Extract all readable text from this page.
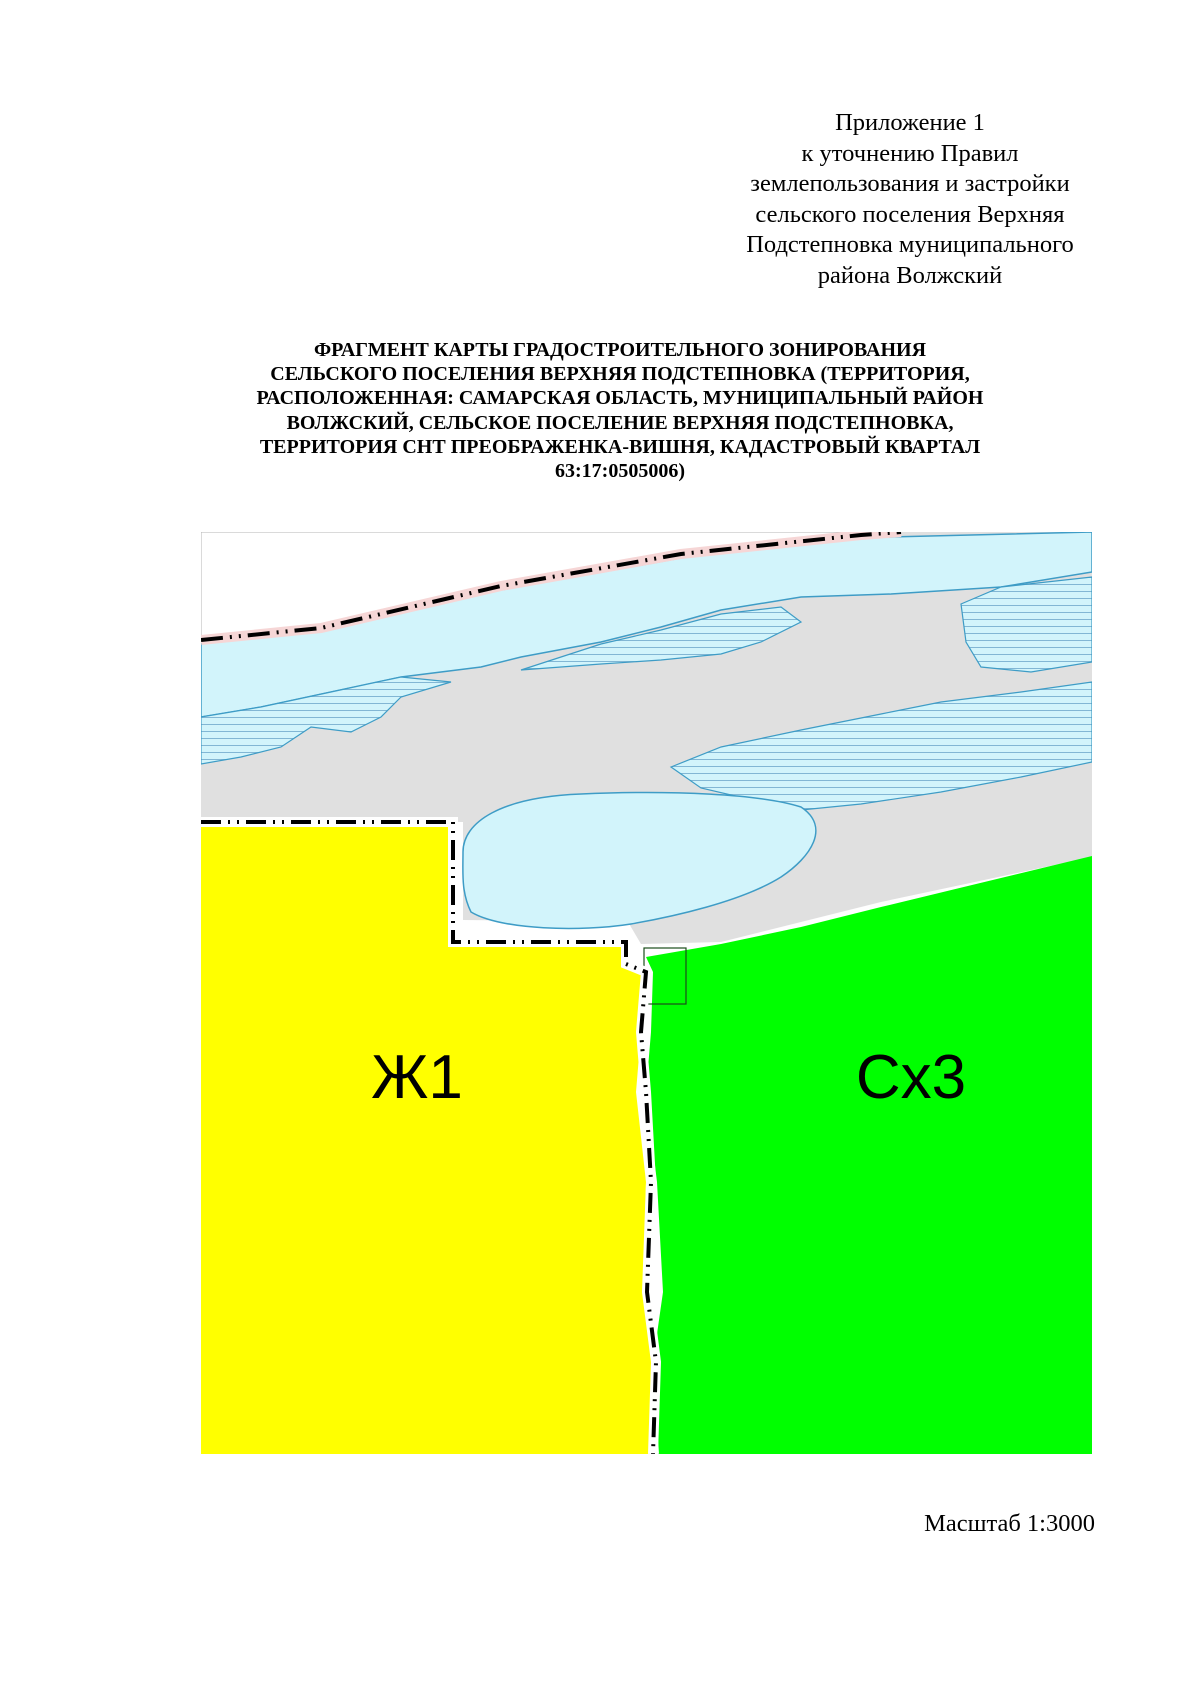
Приложение 1
к уточнению Правил
землепользования и застройки
сельского поселения Верхняя
Подстепновка муниципального
района Волжский
ФРАГМЕНТ КАРТЫ ГРАДОСТРОИТЕЛЬНОГО ЗОНИРОВАНИЯ
СЕЛЬСКОГО ПОСЕЛЕНИЯ ВЕРХНЯЯ ПОДСТЕПНОВКА (ТЕРРИТОРИЯ,
РАСПОЛОЖЕННАЯ: САМАРСКАЯ ОБЛАСТЬ, МУНИЦИПАЛЬНЫЙ РАЙОН
ВОЛЖСКИЙ, СЕЛЬСКОЕ ПОСЕЛЕНИЕ ВЕРХНЯЯ ПОДСТЕПНОВКА,
ТЕРРИТОРИЯ СНТ ПРЕОБРАЖЕНКА-ВИШНЯ, КАДАСТРОВЫЙ КВАРТАЛ
63:17:0505006)
Ж1	Сх3
Масштаб 1:3000
